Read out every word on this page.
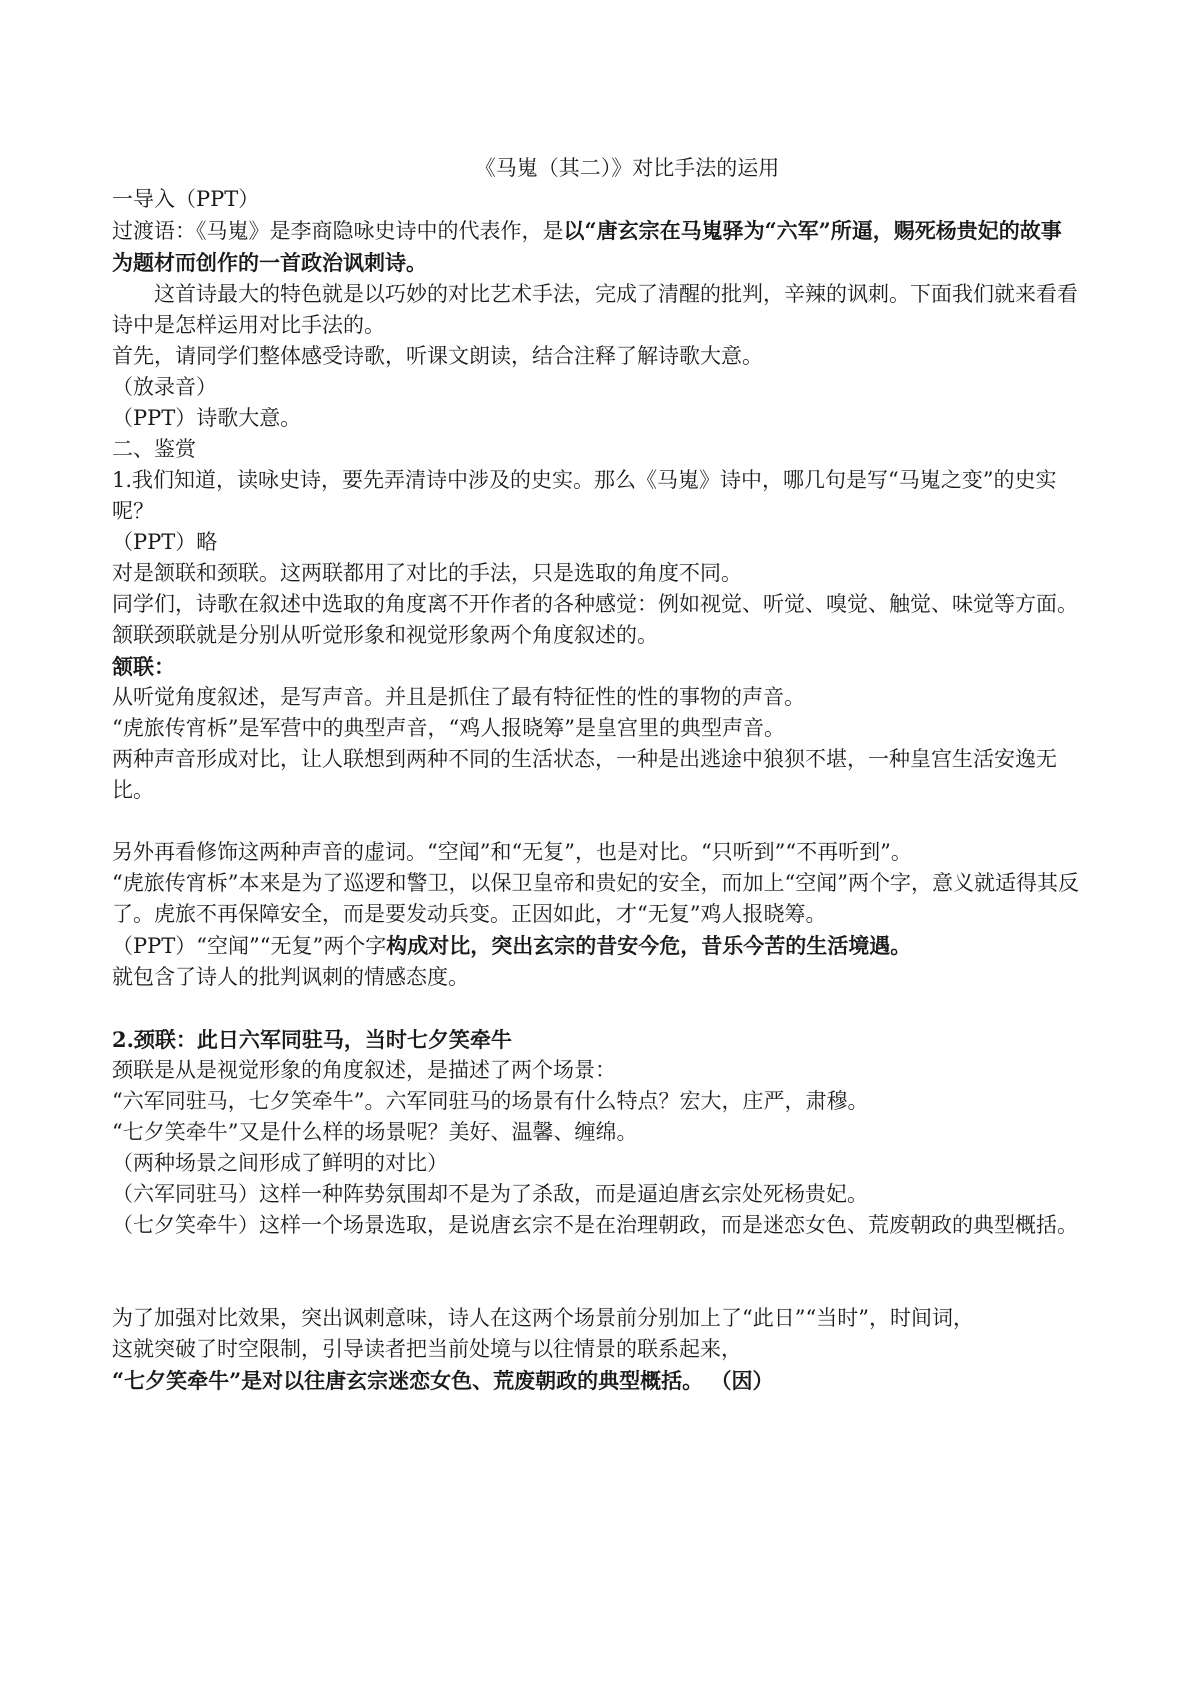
《马嵬（其二）》对比手法的运用

一导入（PPT）

过渡语：《马嵬》是李商隐咏史诗中的代表作，是以“唐玄宗在马嵬驿为“六军”所逼，赐死杨贵妃的故事为题材而创作的一首政治讽刺诗。

这首诗最大的特色就是以巧妙的对比艺术手法，完成了清醒的批判，辛辣的讽刺。下面我们就来看看诗中是怎样运用对比手法的。

首先，请同学们整体感受诗歌，听课文朗读，结合注释了解诗歌大意。

（放录音）

（PPT）诗歌大意。

二、鉴赏

1.我们知道，读咏史诗，要先弄清诗中涉及的史实。那么《马嵬》诗中，哪几句是写“马嵬之变”的史实呢？

（PPT）略

对是颔联和颈联。这两联都用了对比的手法，只是选取的角度不同。

同学们，诗歌在叙述中选取的角度离不开作者的各种感觉：例如视觉、听觉、嗅觉、触觉、味觉等方面。颔联颈联就是分别从听觉形象和视觉形象两个角度叙述的。

颔联：

从听觉角度叙述，是写声音。并且是抓住了最有特征性的性的事物的声音。

“虎旅传宵柝”是军营中的典型声音，“鸡人报晓筹”是皇宫里的典型声音。

两种声音形成对比，让人联想到两种不同的生活状态，一种是出逃途中狼狈不堪，一种皇宫生活安逸无比。

另外再看修饰这两种声音的虚词。“空闻”和“无复”，也是对比。“只听到”“不再听到”。

“虎旅传宵柝”本来是为了巡逻和警卫，以保卫皇帝和贵妃的安全，而加上“空闻”两个字，意义就适得其反了。虎旅不再保障安全，而是要发动兵变。正因如此，才“无复”鸡人报晓筹。

（PPT）“空闻”“无复”两个字构成对比，突出玄宗的昔安今危，昔乐今苦的生活境遇。

就包含了诗人的批判讽刺的情感态度。

2.颈联：此日六军同驻马，当时七夕笑牵牛

颈联是从是视觉形象的角度叙述，是描述了两个场景：

“六军同驻马，七夕笑牵牛”。六军同驻马的场景有什么特点？宏大，庄严，肃穆。

“七夕笑牵牛”又是什么样的场景呢？美好、温馨、缠绵。

（两种场景之间形成了鲜明的对比）

（六军同驻马）这样一种阵势氛围却不是为了杀敌，而是逼迫唐玄宗处死杨贵妃。

（七夕笑牵牛）这样一个场景选取，是说唐玄宗不是在治理朝政，而是迷恋女色、荒废朝政的典型概括。

为了加强对比效果，突出讽刺意味，诗人在这两个场景前分别加上了“此日”“当时”，时间词，

这就突破了时空限制，引导读者把当前处境与以往情景的联系起来，

“七夕笑牵牛”是对以往唐玄宗迷恋女色、荒废朝政的典型概括。 （因）
